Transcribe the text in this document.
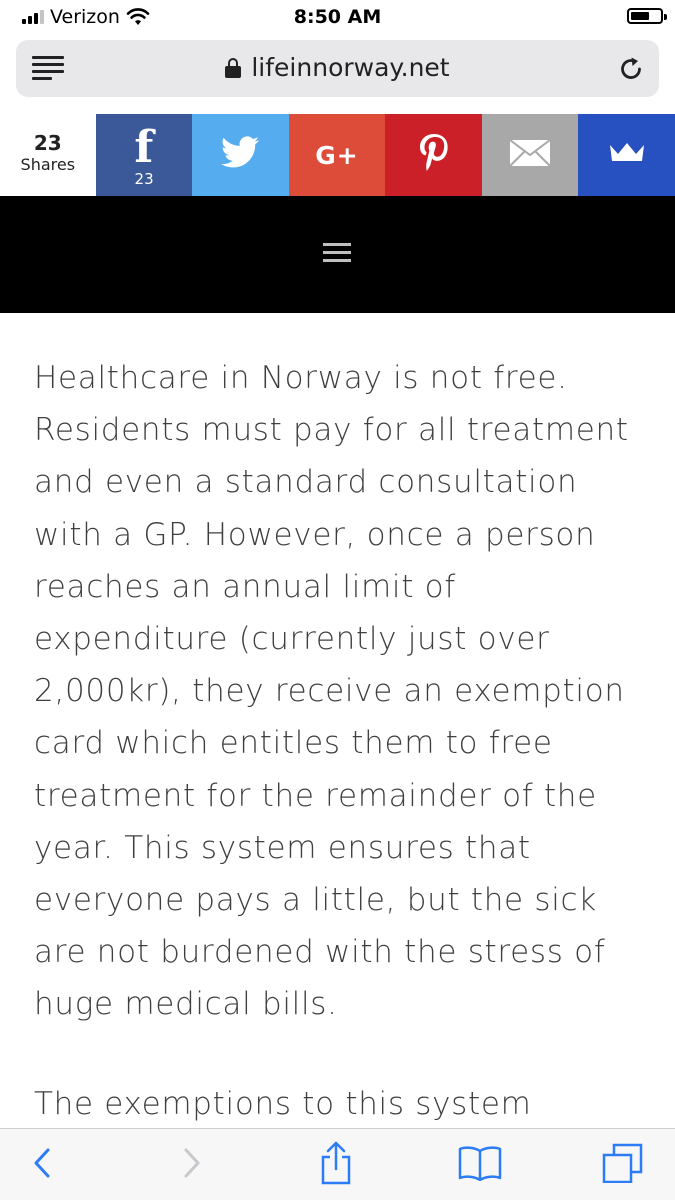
Verizon	8:50 AM
lifeinnorway.net
23
Shares	f
23
G+

Healthcare in Norway is not free. Residents must pay for all treatment and even a standard consultation with a GP. However, once a person reaches an annual limit of expenditure (currently just over 2,000kr), they receive an exemption card which entitles them to free treatment for the remainder of the year. This system ensures that everyone pays a little, but the sick are not burdened with the stress of huge medical bills.

The exemptions to this system
